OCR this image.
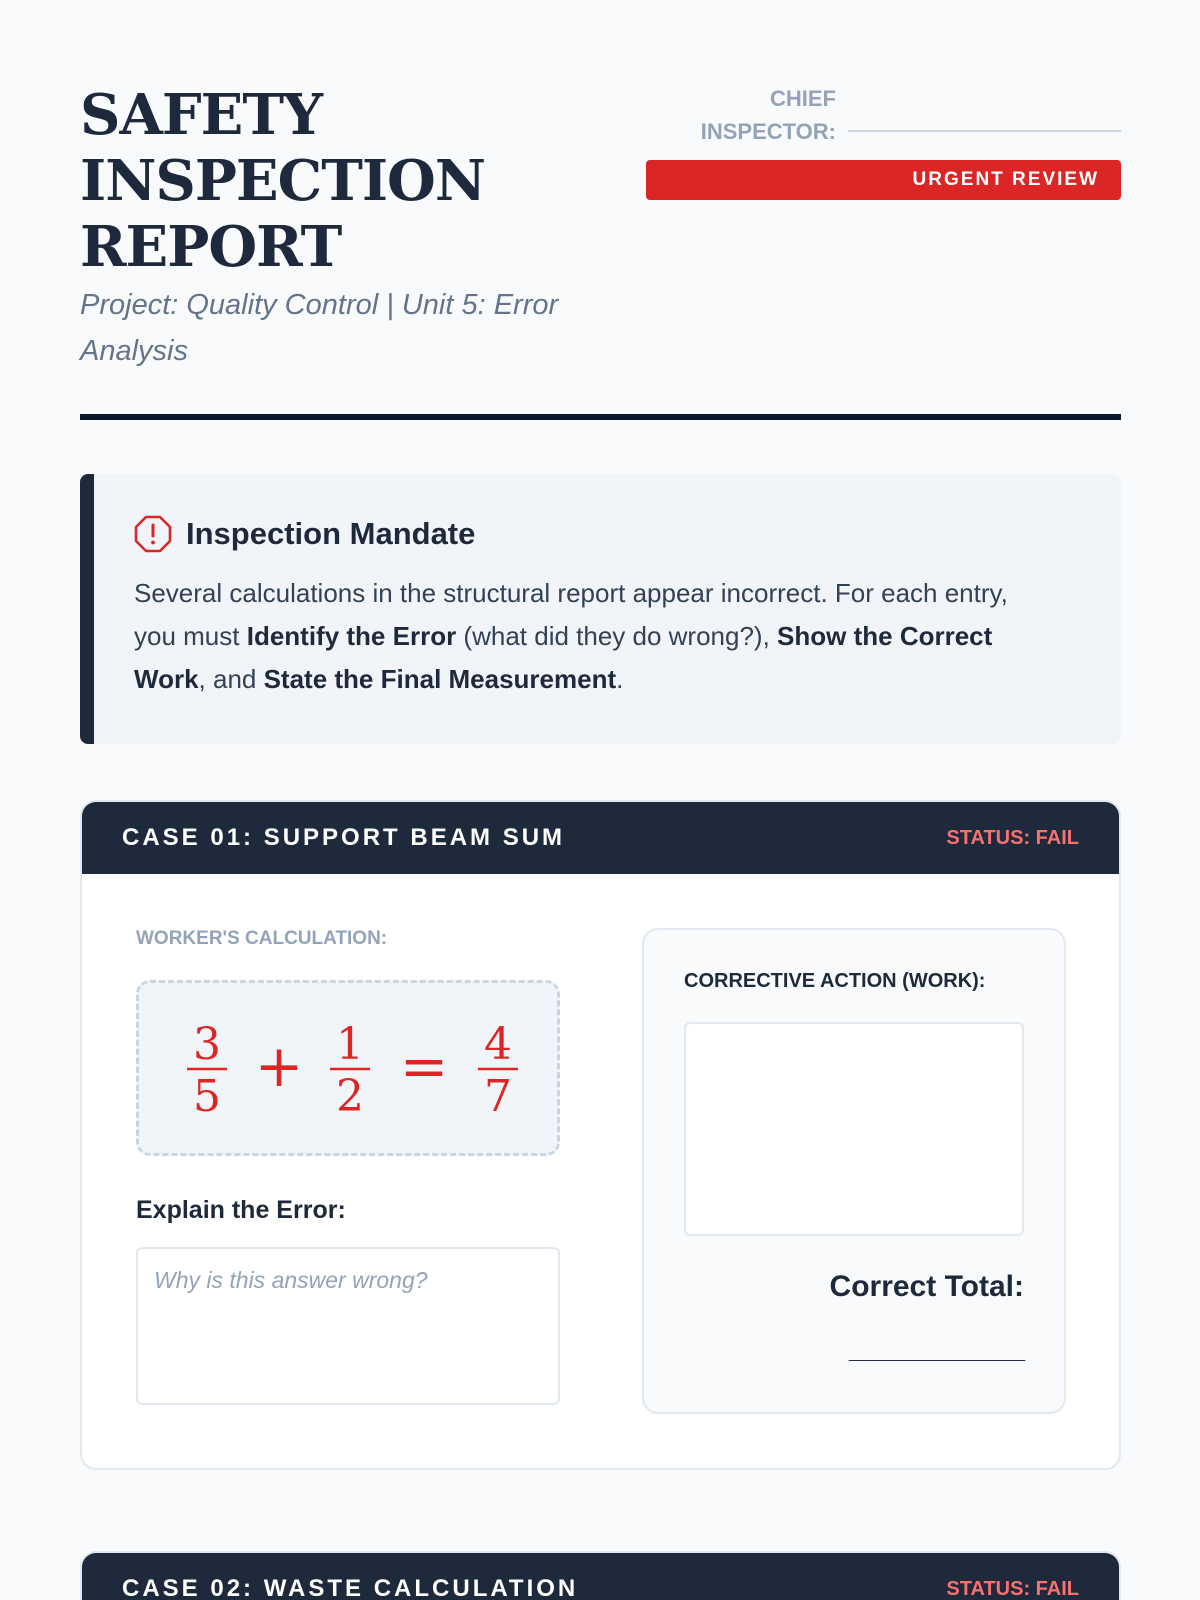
SAFETY INSPECTION REPORT

Project: Quality Control | Unit 5: Error Analysis

CHIEF INSPECTOR:
URGENT REVIEW
Inspection Mandate

Several calculations in the structural report appear incorrect. For each entry, you must Identify the Error (what did they do wrong?), Show the Correct Work, and State the Final Measurement.

CASE 01: SUPPORT BEAM SUM	STATUS: FAIL
WORKER'S CALCULATION:
3
5 + 1
2 = 4
7
Explain the Error:
Why is this answer wrong?
CORRECTIVE ACTION (WORK):
Correct Total:
_____________
CASE 02: WASTE CALCULATION	STATUS: FAIL
